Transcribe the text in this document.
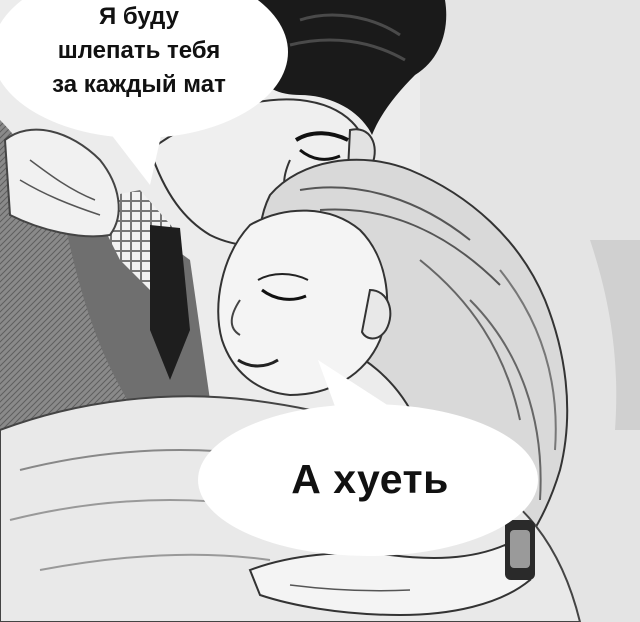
Я буду
шлепать тебя
за каждый мат
А хуеть
